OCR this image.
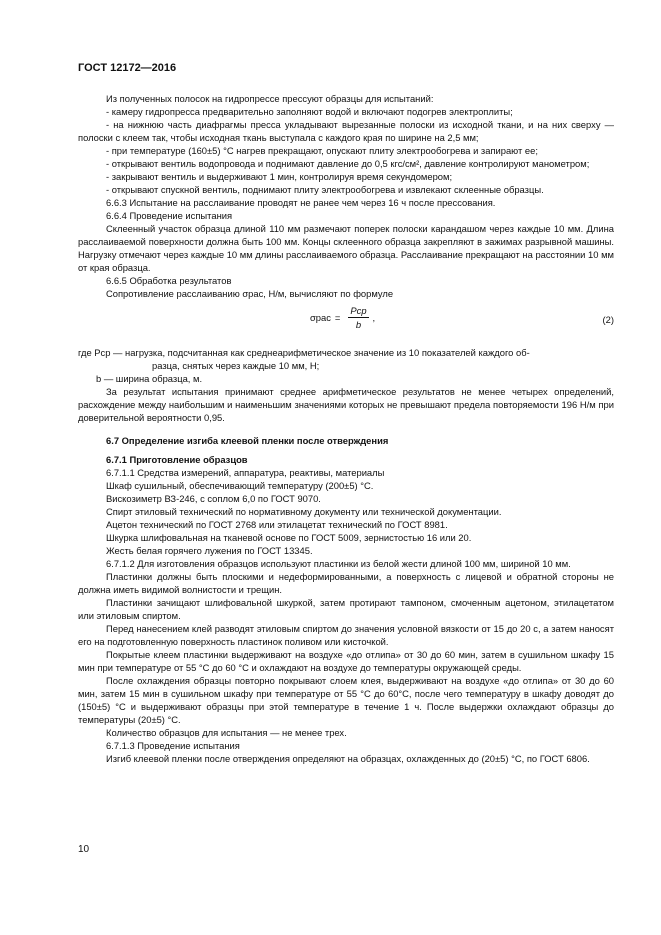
ГОСТ 12172—2016

Из полученных полосок на гидропрессе прессуют образцы для испытаний:

- камеру гидропресса предварительно заполняют водой и включают подогрев электроплиты;

- на нижнюю часть диафрагмы пресса укладывают вырезанные полоски из исходной ткани, и на них сверху — полоски с клеем так, чтобы исходная ткань выступала с каждого края по ширине на 2,5 мм;

- при температуре (160±5) °С нагрев прекращают, опускают плиту электрообогрева и запирают ее;

- открывают вентиль водопровода и поднимают давление до 0,5 кгс/см², давление контролируют манометром;

- закрывают вентиль и выдерживают 1 мин, контролируя время секундомером;

- открывают спускной вентиль, поднимают плиту электрообогрева и извлекают склеенные образцы.

6.6.3 Испытание на расслаивание проводят не ранее чем через 16 ч после прессования.

6.6.4 Проведение испытания

Склеенный участок образца длиной 110 мм размечают поперек полоски карандашом через каждые 10 мм. Длина расслаиваемой поверхности должна быть 100 мм. Концы склеенного образца закрепляют в зажимах разрывной машины. Нагрузку отмечают через каждые 10 мм длины расслаиваемого образца. Расслаивание прекращают на расстоянии 10 мм от края образца.

6.6.5 Обработка результатов

Сопротивление расслаиванию σрас, Н/м, вычисляют по формуле

$\sigma рас = \frac{\text{Pср}}{b}$ ,	(2)

где Pср — нагрузка, подсчитанная как среднеарифметическое значение из 10 показателей каждого об-

разца, снятых через каждые 10 мм, Н;

b — ширина образца, м.

За результат испытания принимают среднее арифметическое результатов не менее четырех определений, расхождение между наибольшим и наименьшим значениями которых не превышают предела повторяемости 196 Н/м при доверительной вероятности 0,95.

6.7 Определение изгиба клеевой пленки после отверждения

6.7.1 Приготовление образцов

6.7.1.1 Средства измерений, аппаратура, реактивы, материалы

Шкаф сушильный, обеспечивающий температуру (200±5) °С.

Вискозиметр ВЗ-246, с соплом 6,0 по ГОСТ 9070.

Спирт этиловый технический по нормативному документу или технической документации.

Ацетон технический по ГОСТ 2768 или этилацетат технический по ГОСТ 8981.

Шкурка шлифовальная на тканевой основе по ГОСТ 5009, зернистостью 16 или 20.

Жесть белая горячего лужения по ГОСТ 13345.

6.7.1.2 Для изготовления образцов используют пластинки из белой жести длиной 100 мм, шириной 10 мм.

Пластинки должны быть плоскими и недеформированными, а поверхность с лицевой и обратной стороны не должна иметь видимой волнистости и трещин.

Пластинки зачищают шлифовальной шкуркой, затем протирают тампоном, смоченным ацетоном, этилацетатом или этиловым спиртом.

Перед нанесением клей разводят этиловым спиртом до значения условной вязкости от 15 до 20 с, а затем наносят его на подготовленную поверхность пластинок поливом или кисточкой.

Покрытые клеем пластинки выдерживают на воздухе «до отлипа» от 30 до 60 мин, затем в сушильном шкафу 15 мин при температуре от 55 °С до 60 °С и охлаждают на воздухе до температуры окружающей среды.

После охлаждения образцы повторно покрывают слоем клея, выдерживают на воздухе «до отлипа» от 30 до 60 мин, затем 15 мин в сушильном шкафу при температуре от 55 °С до 60°С, после чего температуру в шкафу доводят до (150±5) °С и выдерживают образцы при этой температуре в течение 1 ч. После выдержки охлаждают образцы до температуры (20±5) °С.

Количество образцов для испытания — не менее трех.

6.7.1.3 Проведение испытания

Изгиб клеевой пленки после отверждения определяют на образцах, охлажденных до (20±5) °С, по ГОСТ 6806.

10
